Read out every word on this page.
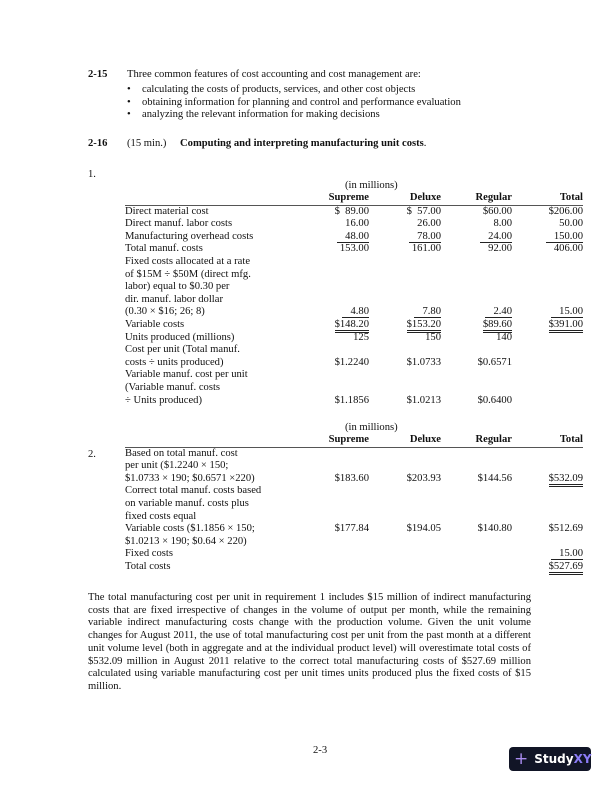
2-15 Three common features of cost accounting and cost management are:
• calculating the costs of products, services, and other cost objects
• obtaining information for planning and control and performance evaluation
• analyzing the relevant information for making decisions
2-16 (15 min.) Computing and interpreting manufacturing unit costs.
1.
(in millions)
	Supreme	Deluxe	Regular	Total
Direct material cost	$  89.00	$  57.00	$60.00	$206.00
Direct manuf. labor costs	16.00	26.00	8.00	50.00
Manufacturing overhead costs	48.00	78.00	24.00	150.00
Total manuf. costs	153.00	161.00	92.00	406.00
Fixed costs allocated at a rate				
of $15M ÷ $50M (direct mfg.				
labor) equal to $0.30 per				
dir. manuf. labor dollar				
(0.30 × $16; 26; 8)	4.80	7.80	2.40	15.00
Variable costs	$148.20	$153.20	$89.60	$391.00
Units produced (millions)	125	150	140	
Cost per unit (Total manuf.				
costs ÷ units produced)	$1.2240	$1.0733	$0.6571	
Variable manuf. cost per unit				
(Variable manuf. costs				
÷ Units produced)	$1.1856	$1.0213	$0.6400	
(in millions)
2.
	Supreme	Deluxe	Regular	Total
Based on total manuf. cost				
per unit ($1.2240 × 150;				
$1.0733 × 190; $0.6571 ×220)	$183.60	$203.93	$144.56	$532.09
Correct total manuf. costs based				
on variable manuf. costs plus				
fixed costs equal				
Variable costs ($1.1856 × 150;	$177.84	$194.05	$140.80	$512.69
$1.0213 × 190; $0.64 × 220)				
Fixed costs				15.00
Total costs				$527.69
The total manufacturing cost per unit in requirement 1 includes $15 million of indirect manufacturing costs that are fixed irrespective of changes in the volume of output per month, while the remaining variable indirect manufacturing costs change with the production volume. Given the unit volume changes for August 2011, the use of total manufacturing cost per unit from the past month at a different unit volume level (both in aggregate and at the individual product level) will overestimate total costs of $532.09 million in August 2011 relative to the correct total manufacturing costs of $527.69 million calculated using variable manufacturing cost per unit times units produced plus the fixed costs of $15 million.
2-3	+ Study XY
